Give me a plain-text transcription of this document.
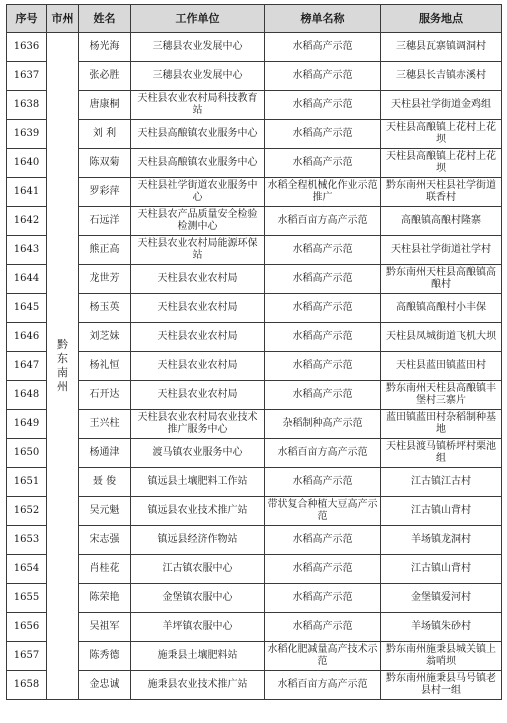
序号	市州	姓名	工作单位	榜单名称	服务地点
1636	黔东南州	杨光海	三穗县农业发展中心	水稻高产示范	三穗县瓦寨镇调洞村
1637		张必胜	三穗县农业发展中心	水稻高产示范	三穗县长吉镇赤溪村
1638		唐康桐	天柱县农业农村局科技教育站	水稻高产示范	天柱县社学街道金鸡组
1639		刘 利	天柱县高酿镇农业服务中心	水稻高产示范	天柱县高酿镇上花村上花坝
1640		陈双菊	天柱县高酿镇农业服务中心	水稻高产示范	天柱县高酿镇上花村上花坝
1641		罗彩萍	天柱县社学街道农业服务中心	水稻全程机械化作业示范推广	黔东南州天柱县社学街道联香村
1642		石远洋	天柱县农产品质量安全检验检测中心	水稻百亩方高产示范	高酿镇高酿村隆寨
1643		熊正高	天柱县农业农村局能源环保站	水稻高产示范	天柱县社学街道社学村
1644		龙世芳	天柱县农业农村局	水稻高产示范	黔东南州天柱县高酿镇高酿村
1645		杨玉英	天柱县农业农村局	水稻高产示范	高酿镇高酿村小丰保
1646		刘芝妹	天柱县农业农村局	水稻高产示范	天柱县凤城街道飞机大坝
1647		杨礼恒	天柱县农业农村局	水稻高产示范	天柱县蓝田镇蓝田村
1648		石开达	天柱县农业农村局	水稻高产示范	黔东南州天柱县高酿镇丰堡村三寨片
1649		王兴柱	天柱县农业农村局农业技术推广服务中心	杂稻制种高产示范	蓝田镇蓝田村杂稻制种基地
1650		杨通津	渡马镇农业服务中心	水稻百亩方高产示范	天柱县渡马镇桥坪村栗池组
1651		聂 俊	镇远县土壤肥料工作站	水稻高产示范	江古镇江古村
1652		吴元魁	镇远县农业技术推广站	带状复合种植大豆高产示范	江古镇山背村
1653		宋志强	镇远县经济作物站	水稻高产示范	羊场镇龙洞村
1654		肖桂花	江古镇农服中心	水稻高产示范	江古镇山背村
1655		陈荣艳	金堡镇农服中心	水稻高产示范	金堡镇爱河村
1656		吴祖军	羊坪镇农服中心	水稻高产示范	羊场镇朱砂村
1657		陈秀德	施秉县土壤肥料站	水稻化肥减量高产技术示范	黔东南州施秉县城关镇上翁哨坝
1658		金忠诚	施秉县农业技术推广站	水稻百亩方高产示范	黔东南州施秉县马号镇老县村一组
